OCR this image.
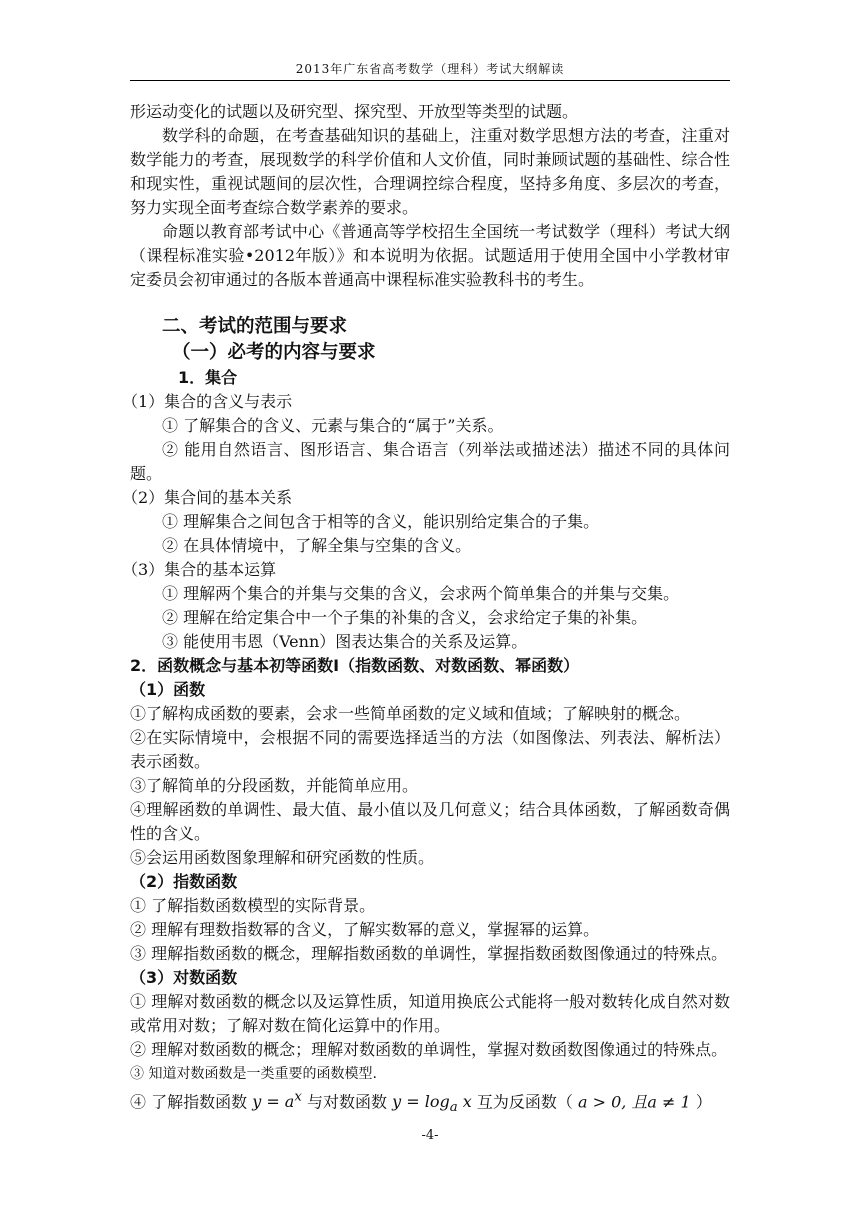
2013年广东省高考数学（理科）考试大纲解读

形运动变化的试题以及研究型、探究型、开放型等类型的试题。

数学科的命题，在考查基础知识的基础上，注重对数学思想方法的考查，注重对数学能力的考查，展现数学的科学价值和人文价值，同时兼顾试题的基础性、综合性和现实性，重视试题间的层次性，合理调控综合程度，坚持多角度、多层次的考查，努力实现全面考查综合数学素养的要求。

命题以教育部考试中心《普通高等学校招生全国统一考试数学（理科）考试大纲（课程标准实验•2012年版）》和本说明为依据。试题适用于使用全国中小学教材审定委员会初审通过的各版本普通高中课程标准实验教科书的考生。

二、考试的范围与要求

（一）必考的内容与要求

1．集合

（1）集合的含义与表示

① 了解集合的含义、元素与集合的“属于”关系。

② 能用自然语言、图形语言、集合语言（列举法或描述法）描述不同的具体问题。

（2）集合间的基本关系

① 理解集合之间包含于相等的含义，能识别给定集合的子集。

② 在具体情境中，了解全集与空集的含义。

（3）集合的基本运算

① 理解两个集合的并集与交集的含义，会求两个简单集合的并集与交集。

② 理解在给定集合中一个子集的补集的含义，会求给定子集的补集。

③ 能使用韦恩（Venn）图表达集合的关系及运算。

2．函数概念与基本初等函数Ⅰ（指数函数、对数函数、幂函数）

（1）函数

①了解构成函数的要素，会求一些简单函数的定义域和值域；了解映射的概念。

②在实际情境中，会根据不同的需要选择适当的方法（如图像法、列表法、解析法）表示函数。

③了解简单的分段函数，并能简单应用。

④理解函数的单调性、最大值、最小值以及几何意义；结合具体函数，了解函数奇偶性的含义。

⑤会运用函数图象理解和研究函数的性质。

（2）指数函数

① 了解指数函数模型的实际背景。

② 理解有理数指数幂的含义，了解实数幂的意义，掌握幂的运算。

③ 理解指数函数的概念，理解指数函数的单调性，掌握指数函数图像通过的特殊点。

（3）对数函数

① 理解对数函数的概念以及运算性质，知道用换底公式能将一般对数转化成自然对数或常用对数；了解对数在简化运算中的作用。

② 理解对数函数的概念；理解对数函数的单调性，掌握对数函数图像通过的特殊点。

③ 知道对数函数是一类重要的函数模型.

④ 了解指数函数 $y = a^x$ 与对数函数 $y = \log_a x$ 互为反函数（ a > 0, 且a ≠ 1 ）

-4-
